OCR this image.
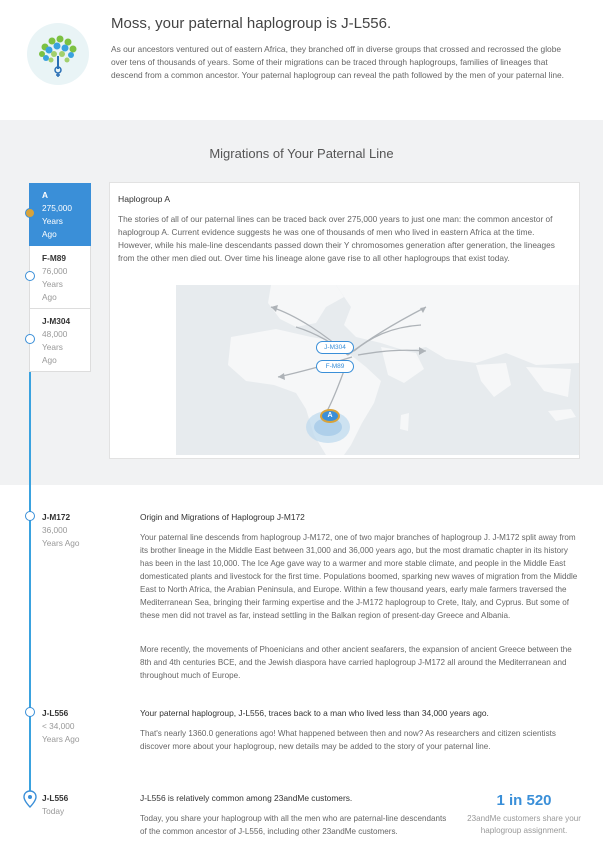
Moss, your paternal haplogroup is J-L556.
As our ancestors ventured out of eastern Africa, they branched off in diverse groups that crossed and recrossed the globe over tens of thousands of years. Some of their migrations can be traced through haplogroups, families of lineages that descend from a common ancestor. Your paternal haplogroup can reveal the path followed by the men of your paternal line.
Migrations of Your Paternal Line
A
275,000
Years
Ago
F-M89
76,000
Years
Ago
J-M304
48,000
Years
Ago
Haplogroup A
The stories of all of our paternal lines can be traced back over 275,000 years to just one man: the common ancestor of haplogroup A. Current evidence suggests he was one of thousands of men who lived in eastern Africa at the time. However, while his male-line descendants passed down their Y chromosomes generation after generation, the lineages from the other men died out. Over time his lineage alone gave rise to all other haplogroups that exist today.
A
F-M89
J-M304
J-M172
36,000
Years Ago
Origin and Migrations of Haplogroup J-M172
Your paternal line descends from haplogroup J-M172, one of two major branches of haplogroup J. J-M172 split away from its brother lineage in the Middle East between 31,000 and 36,000 years ago, but the most dramatic chapter in its history has been in the last 10,000. The Ice Age gave way to a warmer and more stable climate, and people in the Middle East domesticated plants and livestock for the first time. Populations boomed, sparking new waves of migration from the Middle East to North Africa, the Arabian Peninsula, and Europe. Within a few thousand years, early male farmers traversed the Mediterranean Sea, bringing their farming expertise and the J-M172 haplogroup to Crete, Italy, and Cyprus. But some of these men did not travel as far, instead settling in the Balkan region of present-day Greece and Albania.
More recently, the movements of Phoenicians and other ancient seafarers, the expansion of ancient Greece between the 8th and 4th centuries BCE, and the Jewish diaspora have carried haplogroup J-M172 all around the Mediterranean and throughout much of Europe.
J-L556
< 34,000
Years Ago
Your paternal haplogroup, J-L556, traces back to a man who lived less than 34,000 years ago.
That's nearly 1360.0 generations ago! What happened between then and now? As researchers and citizen scientists discover more about your haplogroup, new details may be added to the story of your paternal line.
J-L556
Today
J-L556 is relatively common among 23andMe customers.
Today, you share your haplogroup with all the men who are paternal-line descendants of the common ancestor of J-L556, including other 23andMe customers.
1 in 520
23andMe customers share your haplogroup assignment.
